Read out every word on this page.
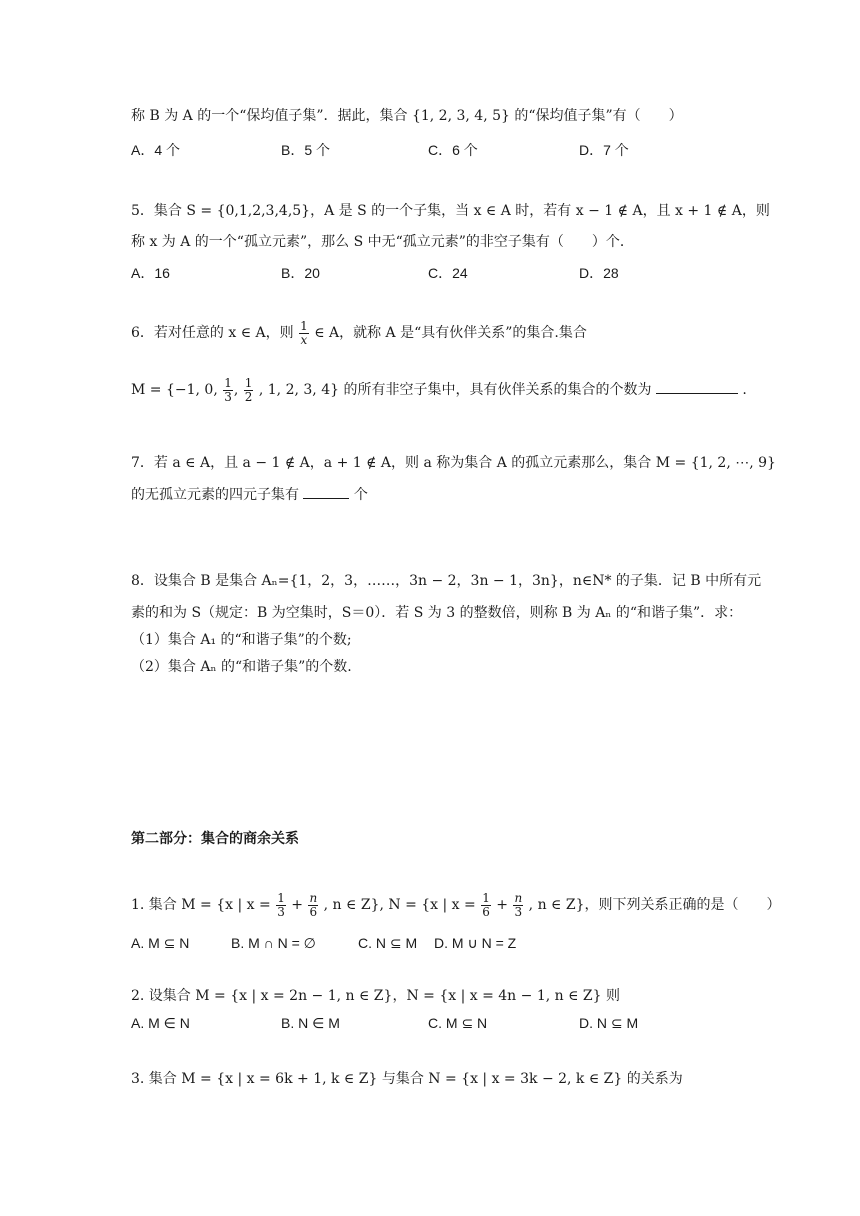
称 B 为 A 的一个“保均值子集”．据此，集合 {1, 2, 3, 4, 5} 的“保均值子集”有（　　）
A．4 个	B．5 个	C．6 个	D．7 个
5．集合 S = {0,1,2,3,4,5}，A 是 S 的一个子集，当 x ∈ A 时，若有 x − 1 ∉ A，且 x + 1 ∉ A，则
称 x 为 A 的一个“孤立元素”，那么 S 中无“孤立元素”的非空子集有（　　）个．
A．16	B．20	C．24	D．28
6．若对任意的 x ∈ A，则 $\frac{1}{x}$ ∈ A，就称 A 是“具有伙伴关系”的集合.集合
M = {−1, 0, $\frac{1}{3}$ , $\frac{1}{2}$ , 1, 2, 3, 4} 的所有非空子集中，具有伙伴关系的集合的个数为	.
7．若 a ∈ A，且 a − 1 ∉ A，a + 1 ∉ A，则 a 称为集合 A 的孤立元素那么，集合 M = {1, 2, ⋯, 9}
的无孤立元素的四元子集有	个
8．设集合 B 是集合 Aₙ={1，2，3，……，3n − 2，3n − 1，3n}，n∈N* 的子集．记 B 中所有元
素的和为 S（规定：B 为空集时，S＝0）．若 S 为 3 的整数倍，则称 B 为 Aₙ 的“和谐子集”．求：
（1）集合 A₁ 的“和谐子集”的个数;
（2）集合 Aₙ 的“和谐子集”的个数.
第二部分：集合的商余关系
1. 集合 M = {x | $x = \frac{1}{3} + \frac{n}{6}$ , n ∈ Z}, N = {x | $x = \frac{1}{6} + \frac{n}{3}$ , n ∈ Z}，则下列关系正确的是（　　）
A. M ⊆ N	B. M ∩ N = ∅	C. N ⊆ M D. M ∪ N = Z
2. 设集合 M = {x | x = 2n − 1, n ∈ Z}，N = {x | x = 4n − 1, n ∈ Z} 则
A. M ∈ N	B. N ∈ M	C. M ⊆ N	D. N ⊆ M
3. 集合 M = {x | x = 6k + 1, k ∈ Z} 与集合 N = {x | x = 3k − 2, k ∈ Z} 的关系为
